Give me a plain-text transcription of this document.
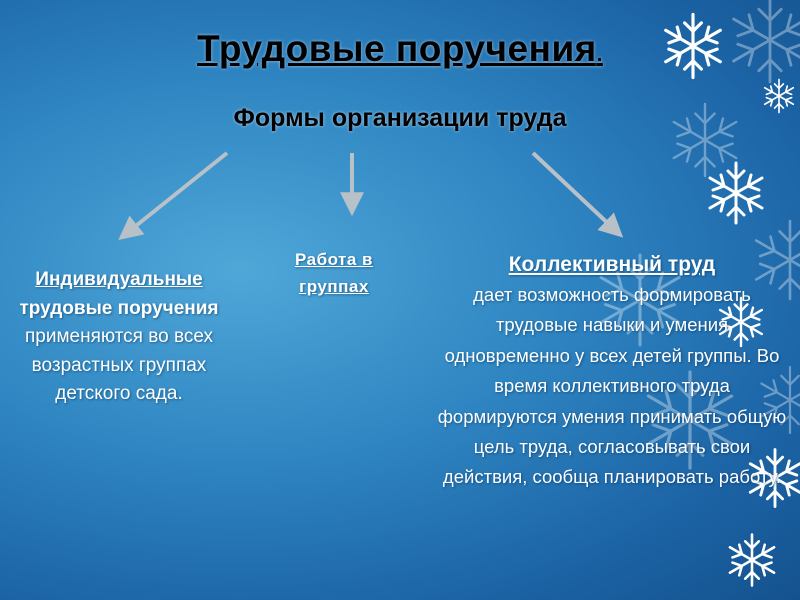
Трудовые поручения.
Формы организации труда
Индивидуальные
трудовые поручения
применяются во всех возрастных группах детского сада.
Работа в группах
Коллективный труд
дает возможность формировать трудовые навыки и умения одновременно у всех детей группы. Во время коллективного труда формируются умения принимать общую цель труда, согласовывать свои действия, сообща планировать работу.
